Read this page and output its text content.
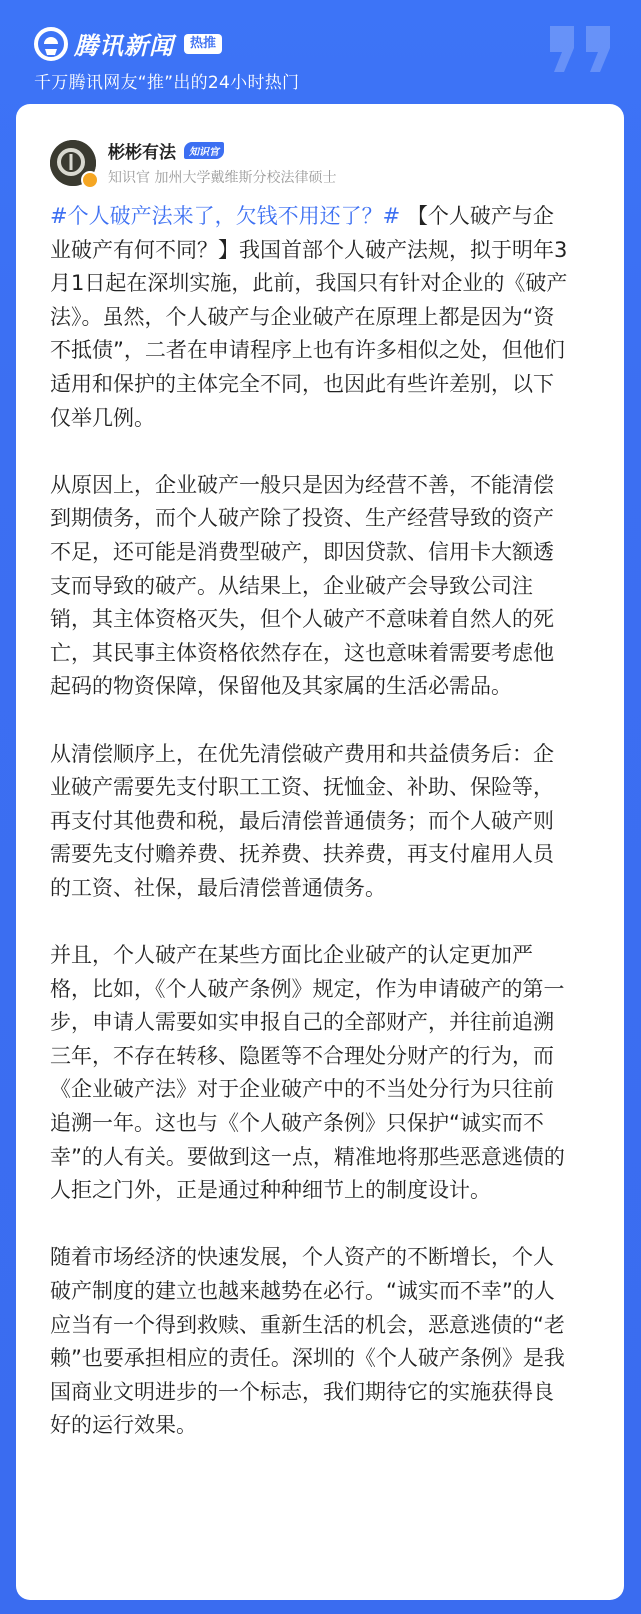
腾讯新闻	热推
千万腾讯网友“推”出的24小时热门
彬彬有法	知识官
知识官 加州大学戴维斯分校法律硕士

#个人破产法来了，欠钱不用还了？# 【个人破产与企业破产有何不同？】我国首部个人破产法规，拟于明年3月1日起在深圳实施，此前，我国只有针对企业的《破产法》。虽然，个人破产与企业破产在原理上都是因为“资不抵债”，二者在申请程序上也有许多相似之处，但他们适用和保护的主体完全不同，也因此有些许差别，以下仅举几例。

从原因上，企业破产一般只是因为经营不善，不能清偿到期债务，而个人破产除了投资、生产经营导致的资产不足，还可能是消费型破产，即因贷款、信用卡大额透支而导致的破产。从结果上，企业破产会导致公司注销，其主体资格灭失，但个人破产不意味着自然人的死亡，其民事主体资格依然存在，这也意味着需要考虑他起码的物资保障，保留他及其家属的生活必需品。

从清偿顺序上，在优先清偿破产费用和共益债务后：企业破产需要先支付职工工资、抚恤金、补助、保险等，再支付其他费和税，最后清偿普通债务；而个人破产则需要先支付赡养费、抚养费、扶养费，再支付雇用人员的工资、社保，最后清偿普通债务。

并且，个人破产在某些方面比企业破产的认定更加严格，比如，《个人破产条例》规定，作为申请破产的第一步，申请人需要如实申报自己的全部财产，并往前追溯三年，不存在转移、隐匿等不合理处分财产的行为，而《企业破产法》对于企业破产中的不当处分行为只往前追溯一年。这也与《个人破产条例》只保护“诚实而不幸”的人有关。要做到这一点，精准地将那些恶意逃债的人拒之门外，正是通过种种细节上的制度设计。

随着市场经济的快速发展，个人资产的不断增长，个人破产制度的建立也越来越势在必行。“诚实而不幸”的人应当有一个得到救赎、重新生活的机会，恶意逃债的“老赖”也要承担相应的责任。深圳的《个人破产条例》是我国商业文明进步的一个标志，我们期待它的实施获得良好的运行效果。
